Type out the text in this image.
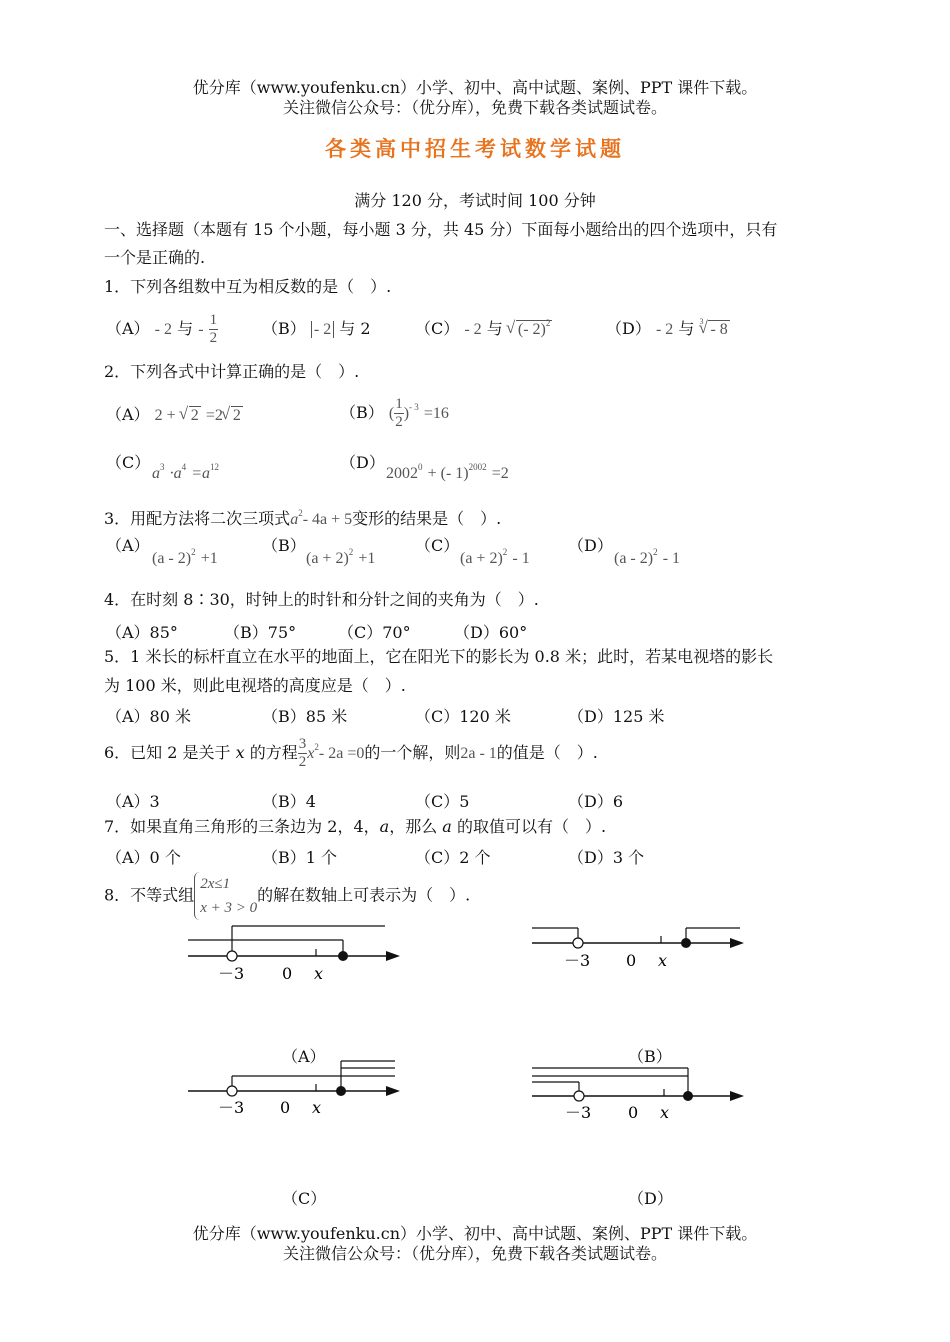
优分库（www.youfenku.cn）小学、初中、高中试题、案例、PPT 课件下载。
关注微信公众号：（优分库），免费下载各类试题试卷。
各类高中招生考试数学试题
满分 120 分，考试时间 100 分钟
一、选择题（本题有 15 个小题，每小题 3 分，共 45 分）下面每小题给出的四个选项中，只有
一个是正确的.
1．下列各组数中互为相反数的是（　）.
（A） - 2 与 - $\frac{1}{2}$	（B） - 2 与 2	（C） - 2 与 √ (- 2)$^2$	（D） - 2 与 $^3$ √ - 8
2．下列各式中计算正确的是（　）.
（A） 2 + √ 2 =2 √ 2	（B） ( $\frac{1}{2} )^{- 3} =16$
（C）
$a^3 \cdot a^4 =a^{12}$	（D）
$2002^0$ + (- 1)$^{2002}$ =2
3．用配方法将二次三项式$a^2-$ 4a + 5变形的结果是（　）.
（A）	（B）	（C）	（D）
(a - 2)$^2$ +1	$(a + 2)^2 +1$	$(a + 2)^2 - 1$	(a - 2)$^2$ - 1
4．在时刻 8∶30，时钟上的时针和分针之间的夹角为（　）.
（A）85°	（B）75°	（C）70°	（D）60°
5．1 米长的标杆直立在水平的地面上，它在阳光下的影长为 0.8 米；此时，若某电视塔的影长
为 100 米，则此电视塔的高度应是（　）.
（A）80 米	（B）85 米	（C）120 米	（D）125 米
6．已知 2 是关于 x 的方程 $\frac{3}{2} x^2-$ 2a =0的一个解，则2a - 1的值是（　）.
（A）3	（B）4	（C）5	（D）6
7．如果直角三角形的三条边为 2，4，a，那么 a 的取值可以有（　）.
（A）0 个	（B）1 个	（C）2 个	（D）3 个
8．不等式组
2x≤1
x + 3 > 0
的解在数轴上可表示为（　）.
－3 0 x
（A）
－3 0 x
（B）
－3 0 x
（C）
－3 0 x
（D）
优分库（www.youfenku.cn）小学、初中、高中试题、案例、PPT 课件下载。
关注微信公众号：（优分库），免费下载各类试题试卷。
